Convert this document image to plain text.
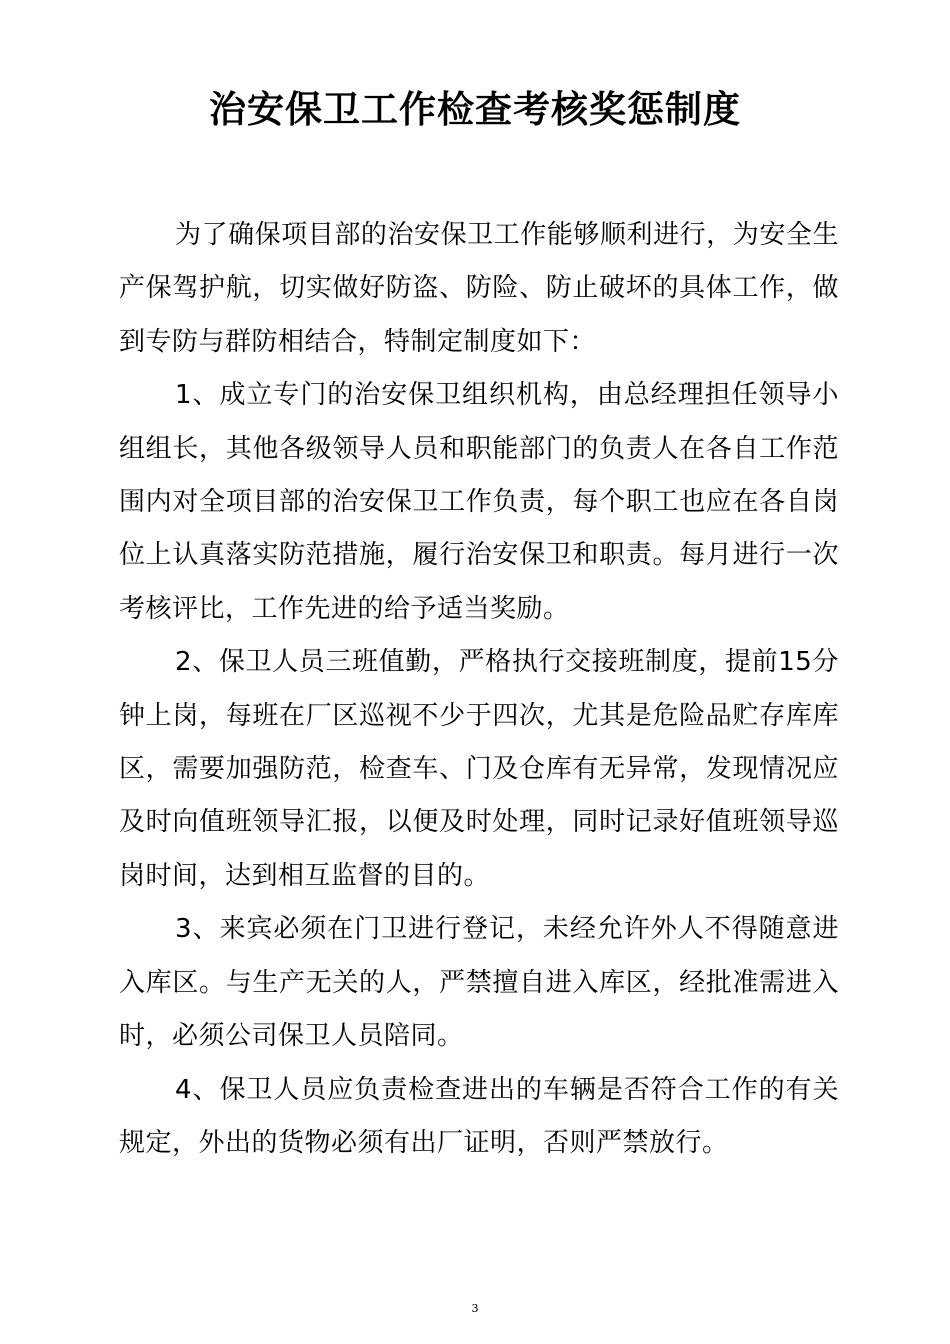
治安保卫工作检查考核奖惩制度

为了确保项目部的治安保卫工作能够顺利进行，为安全生产保驾护航，切实做好防盗、防险、防止破坏的具体工作，做到专防与群防相结合，特制定制度如下：

1、成立专门的治安保卫组织机构，由总经理担任领导小组组长，其他各级领导人员和职能部门的负责人在各自工作范围内对全项目部的治安保卫工作负责，每个职工也应在各自岗位上认真落实防范措施，履行治安保卫和职责。每月进行一次考核评比，工作先进的给予适当奖励。

2、保卫人员三班值勤，严格执行交接班制度，提前15分钟上岗，每班在厂区巡视不少于四次，尤其是危险品贮存库库区，需要加强防范，检查车、门及仓库有无异常，发现情况应及时向值班领导汇报，以便及时处理，同时记录好值班领导巡岗时间，达到相互监督的目的。

3、来宾必须在门卫进行登记，未经允许外人不得随意进入库区。与生产无关的人，严禁擅自进入库区，经批准需进入时，必须公司保卫人员陪同。

4、保卫人员应负责检查进出的车辆是否符合工作的有关规定，外出的货物必须有出厂证明，否则严禁放行。

3
